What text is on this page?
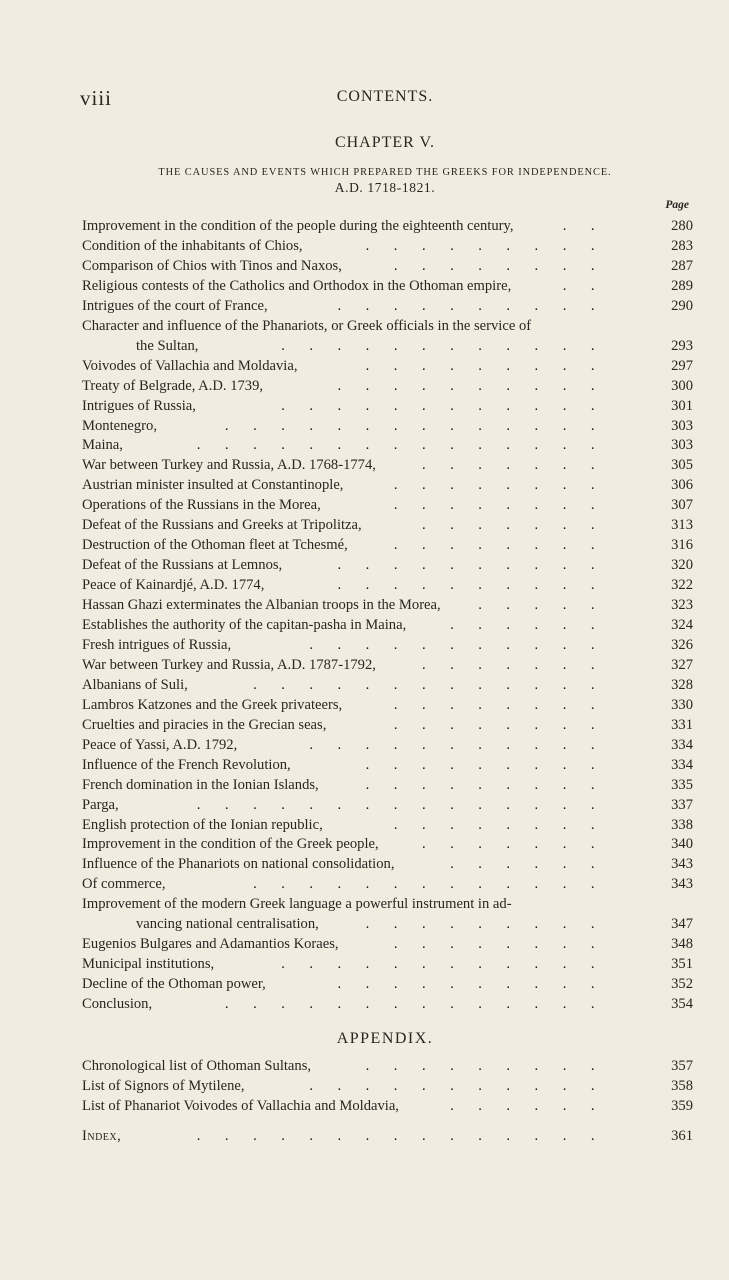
viii	CONTENTS.
CHAPTER V.
THE CAUSES AND EVENTS WHICH PREPARED THE GREEKS FOR INDEPENDENCE.
A.D. 1718-1821.
Page
Improvement in the condition of the people during the eighteenth century,	..	280
Condition of the inhabitants of Chios,	.........	283
Comparison of Chios with Tinos and Naxos,	........	287
Religious contests of the Catholics and Orthodox in the Othoman empire,	..	289
Intrigues of the court of France,	..........	290
Character and influence of the Phanariots, or Greek officials in the service of
the Sultan,	............	293
Voivodes of Vallachia and Moldavia,	.........	297
Treaty of Belgrade, A.D. 1739,	..........	300
Intrigues of Russia,	............	301
Montenegro,	..............	303
Maina,	...............	303
War between Turkey and Russia, A.D. 1768-1774,	.......	305
Austrian minister insulted at Constantinople,	........	306
Operations of the Russians in the Morea,	........	307
Defeat of the Russians and Greeks at Tripolitza,	.......	313
Destruction of the Othoman fleet at Tchesmé,	........	316
Defeat of the Russians at Lemnos,	..........	320
Peace of Kainardjé, A.D. 1774,	..........	322
Hassan Ghazi exterminates the Albanian troops in the Morea,	.....	323
Establishes the authority of the capitan-pasha in Maina,	......	324
Fresh intrigues of Russia,	...........	326
War between Turkey and Russia, A.D. 1787-1792,	.......	327
Albanians of Suli,	.............	328
Lambros Katzones and the Greek privateers,	........	330
Cruelties and piracies in the Grecian seas,	........	331
Peace of Yassi, A.D. 1792,	...........	334
Influence of the French Revolution,	.........	334
French domination in the Ionian Islands,	.........	335
Parga,	...............	337
English protection of the Ionian republic,	........	338
Improvement in the condition of the Greek people,	.......	340
Influence of the Phanariots on national consolidation,	......	343
Of commerce,	.............	343
Improvement of the modern Greek language a powerful instrument in ad-
vancing national centralisation,	.........	347
Eugenios Bulgares and Adamantios Koraes,	........	348
Municipal institutions,	............	351
Decline of the Othoman power,	..........	352
Conclusion,	..............	354
APPENDIX.
Chronological list of Othoman Sultans,	.........	357
List of Signors of Mytilene,	...........	358
List of Phanariot Voivodes of Vallachia and Moldavia,	......	359
Index,	...............	361
